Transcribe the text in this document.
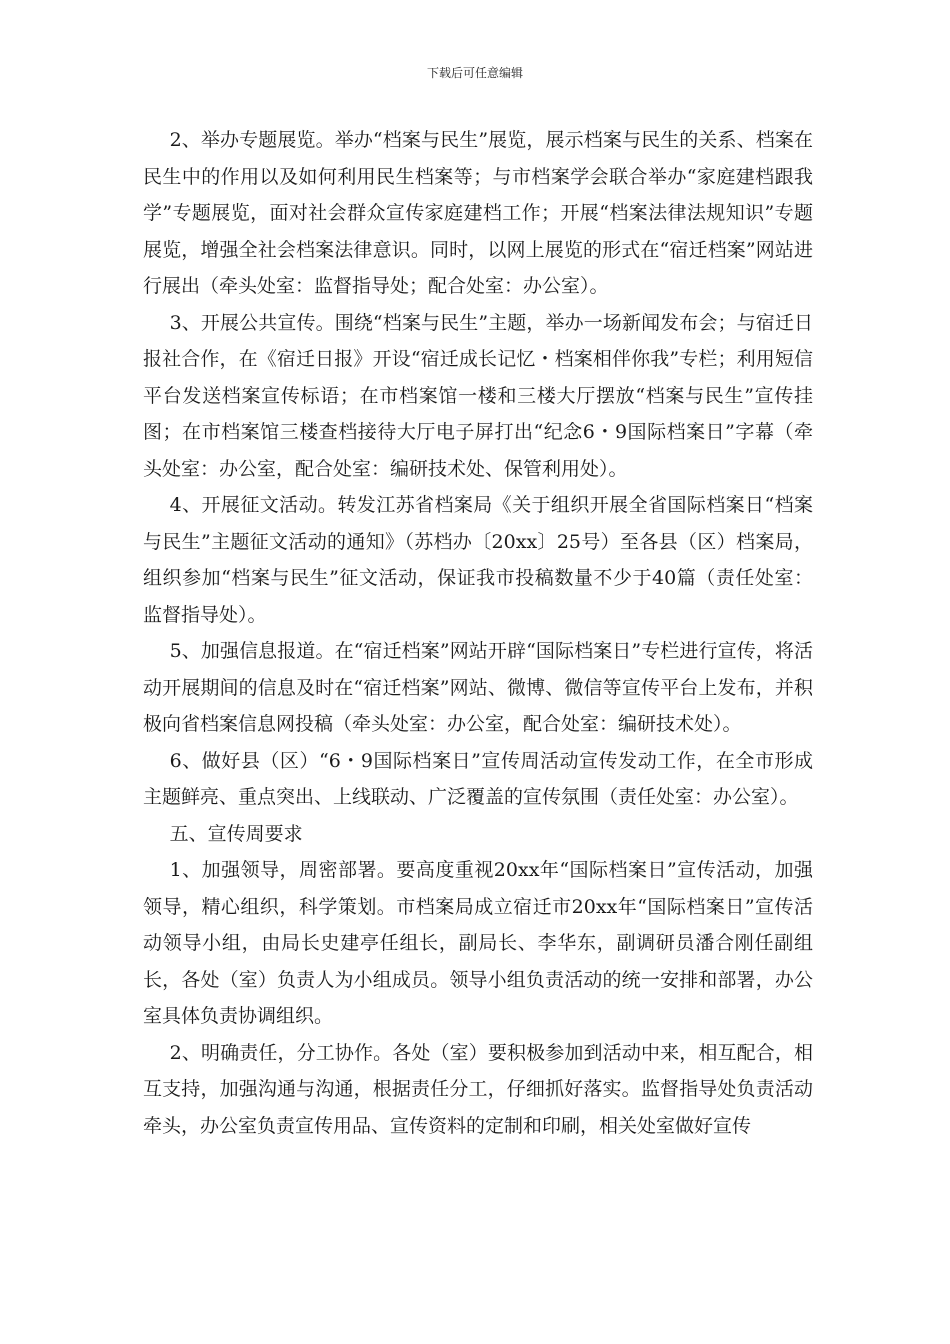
下载后可任意编辑

2、举办专题展览。举办“档案与民生”展览，展示档案与民生的关系、档案在民生中的作用以及如何利用民生档案等；与市档案学会联合举办“家庭建档跟我学”专题展览，面对社会群众宣传家庭建档工作；开展“档案法律法规知识”专题展览，增强全社会档案法律意识。同时，以网上展览的形式在“宿迁档案”网站进行展出（牵头处室：监督指导处；配合处室：办公室）。

3、开展公共宣传。围绕“档案与民生”主题，举办一场新闻发布会；与宿迁日报社合作，在《宿迁日报》开设“宿迁成长记忆・档案相伴你我”专栏；利用短信平台发送档案宣传标语；在市档案馆一楼和三楼大厅摆放“档案与民生”宣传挂图；在市档案馆三楼查档接待大厅电子屏打出“纪念6・9国际档案日”字幕（牵头处室：办公室，配合处室：编研技术处、保管利用处）。

4、开展征文活动。转发江苏省档案局《关于组织开展全省国际档案日“档案与民生”主题征文活动的通知》（苏档办〔20xx〕25号）至各县（区）档案局，组织参加“档案与民生”征文活动，保证我市投稿数量不少于40篇（责任处室：监督指导处）。

5、加强信息报道。在“宿迁档案”网站开辟“国际档案日”专栏进行宣传，将活动开展期间的信息及时在“宿迁档案”网站、微博、微信等宣传平台上发布，并积极向省档案信息网投稿（牵头处室：办公室，配合处室：编研技术处）。

6、做好县（区）“6・9国际档案日”宣传周活动宣传发动工作，在全市形成主题鲜亮、重点突出、上线联动、广泛覆盖的宣传氛围（责任处室：办公室）。

五、宣传周要求

1、加强领导，周密部署。要高度重视20xx年“国际档案日”宣传活动，加强领导，精心组织，科学策划。市档案局成立宿迁市20xx年“国际档案日”宣传活动领导小组，由局长史建亭任组长，副局长、李华东，副调研员潘合刚任副组长，各处（室）负责人为小组成员。领导小组负责活动的统一安排和部署，办公室具体负责协调组织。

2、明确责任，分工协作。各处（室）要积极参加到活动中来，相互配合，相互支持，加强沟通与沟通，根据责任分工，仔细抓好落实。监督指导处负责活动牵头，办公室负责宣传用品、宣传资料的定制和印刷，相关处室做好宣传
